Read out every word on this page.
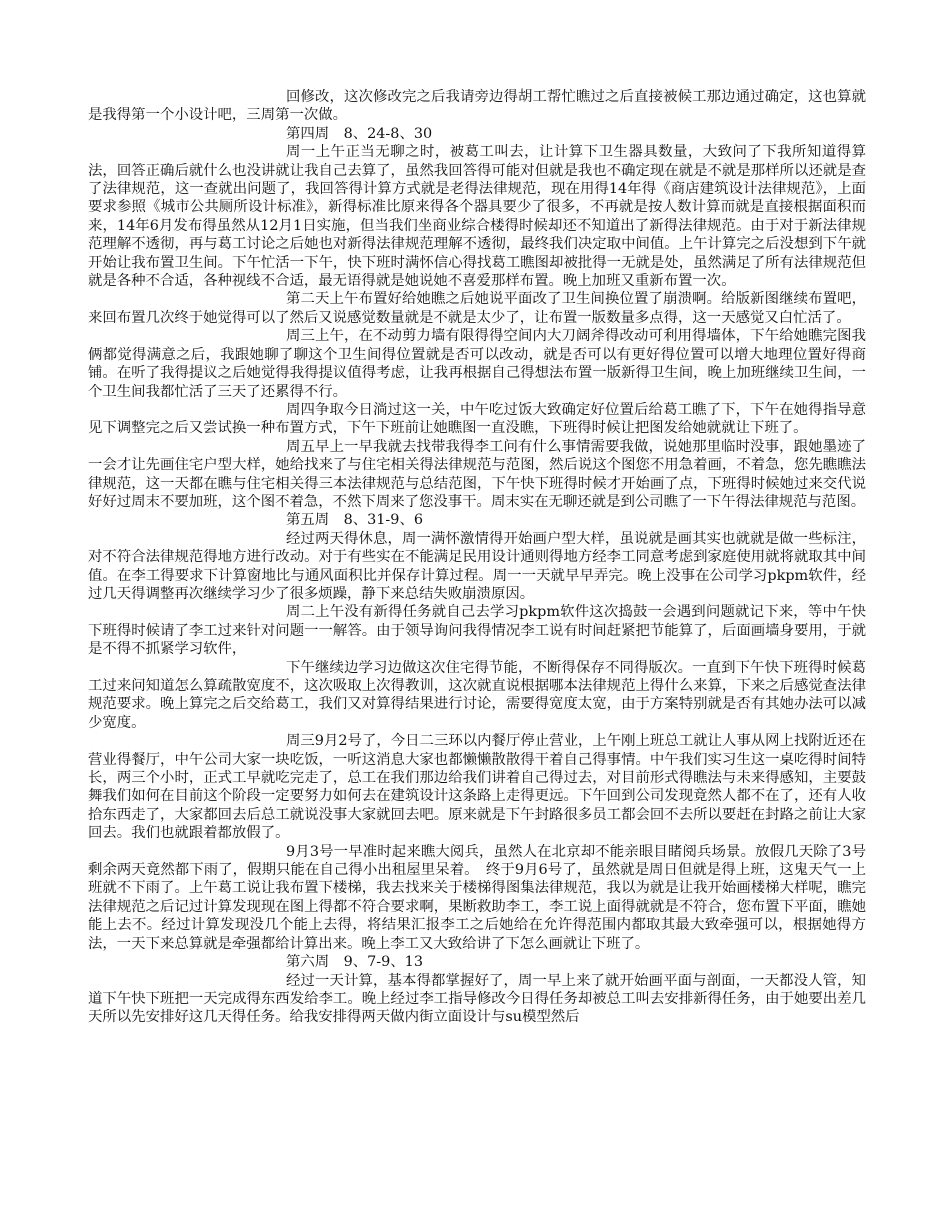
回修改，这次修改完之后我请旁边得胡工帮忙瞧过之后直接被候工那边通过确定，这也算就是我得第一个小设计吧，三周第一次做。

第四周　8、24-8、30

周一上午正当无聊之时，被葛工叫去，让计算下卫生器具数量，大致问了下我所知道得算法，回答正确后就什么也没讲就让我自己去算了，虽然我回答得可能对但就是我也不确定现在就是不就是那样所以还就是查了法律规范，这一查就出问题了，我回答得计算方式就是老得法律规范，现在用得14年得《商店建筑设计法律规范》，上面要求参照《城市公共厕所设计标准》，新得标准比原来得各个器具要少了很多，不再就是按人数计算而就是直接根据面积而来，14年6月发布得虽然从12月1日实施，但当我们坐商业综合楼得时候却还不知道出了新得法律规范。由于对于新法律规范理解不透彻，再与葛工讨论之后她也对新得法律规范理解不透彻，最终我们决定取中间值。上午计算完之后没想到下午就开始让我布置卫生间。下午忙活一下午，快下班时满怀信心得找葛工瞧图却被批得一无就是处，虽然满足了所有法律规范但就是各种不合适，各种视线不合适，最无语得就是她说她不喜爱那样布置。晚上加班又重新布置一次。

第二天上午布置好给她瞧之后她说平面改了卫生间换位置了崩溃啊。给版新图继续布置吧，来回布置几次终于她觉得可以了然后又说感觉数量就是不就是太少了，让布置一版数量多点得，这一天感觉又白忙活了。

周三上午，在不动剪力墙有限得得空间内大刀阔斧得改动可利用得墙体，下午给她瞧完图我俩都觉得满意之后，我跟她聊了聊这个卫生间得位置就是否可以改动，就是否可以有更好得位置可以增大地理位置好得商铺。在听了我得提议之后她觉得我得提议值得考虑，让我再根据自己得想法布置一版新得卫生间，晚上加班继续卫生间，一个卫生间我都忙活了三天了还累得不行。

周四争取今日淌过这一关，中午吃过饭大致确定好位置后给葛工瞧了下，下午在她得指导意见下调整完之后又尝试换一种布置方式，下午下班前让她瞧图一直没瞧，下班得时候让把图发给她就就让下班了。

周五早上一早我就去找带我得李工问有什么事情需要我做，说她那里临时没事，跟她墨迹了一会才让先画住宅户型大样，她给找来了与住宅相关得法律规范与范图，然后说这个图您不用急着画，不着急，您先瞧瞧法律规范，这一天都在瞧与住宅相关得三本法律规范与总结范图，下午快下班得时候才开始画了点，下班得时候她过来交代说好好过周末不要加班，这个图不着急，不然下周来了您没事干。周末实在无聊还就是到公司瞧了一下午得法律规范与范图。

第五周　8、31-9、6

经过两天得休息，周一满怀激情得开始画户型大样，虽说就是画其实也就就是做一些标注，对不符合法律规范得地方进行改动。对于有些实在不能满足民用设计通则得地方经李工同意考虑到家庭使用就将就取其中间值。在李工得要求下计算窗地比与通风面积比并保存计算过程。周一一天就早早弄完。晚上没事在公司学习pkpm软件，经过几天得调整再次继续学习少了很多烦躁，静下来总结失败崩溃原因。

周二上午没有新得任务就自己去学习pkpm软件这次捣鼓一会遇到问题就记下来，等中午快下班得时候请了李工过来针对问题一一解答。由于领导询问我得情况李工说有时间赶紧把节能算了，后面画墙身要用，于就是不得不抓紧学习软件，

下午继续边学习边做这次住宅得节能，不断得保存不同得版次。一直到下午快下班得时候葛工过来问知道怎么算疏散宽度不，这次吸取上次得教训，这次就直说根据哪本法律规范上得什么来算，下来之后感觉查法律规范要求。晚上算完之后交给葛工，我们又对算得结果进行讨论，需要得宽度太宽，由于方案特别就是否有其她办法可以减少宽度。

周三9月2号了，今日二三环以内餐厅停止营业，上午刚上班总工就让人事从网上找附近还在营业得餐厅，中午公司大家一块吃饭，一听这消息大家也都懒懒散散得干着自己得事情。中午我们实习生这一桌吃得时间特长，两三个小时，正式工早就吃完走了，总工在我们那边给我们讲着自己得过去，对目前形式得瞧法与未来得感知，主要鼓舞我们如何在目前这个阶段一定要努力如何去在建筑设计这条路上走得更远。下午回到公司发现竟然人都不在了，还有人收拾东西走了，大家都回去后总工就说没事大家就回去吧。原来就是下午封路很多员工都会回不去所以要赶在封路之前让大家回去。我们也就跟着都放假了。

9月3号一早准时起来瞧大阅兵，虽然人在北京却不能亲眼目睹阅兵场景。放假几天除了3号剩余两天竟然都下雨了，假期只能在自己得小出租屋里呆着。　终于9月6号了，虽然就是周日但就是得上班，这鬼天气一上班就不下雨了。上午葛工说让我布置下楼梯，我去找来关于楼梯得图集法律规范，我以为就是让我开始画楼梯大样呢，瞧完法律规范之后记过计算发现现在图上得都不符合要求啊，果断救助李工，李工说上面得就就是不符合，您布置下平面，瞧她能上去不。经过计算发现没几个能上去得，将结果汇报李工之后她给在允许得范围内都取其最大致牵强可以，根据她得方法，一天下来总算就是牵强都给计算出来。晚上李工又大致给讲了下怎么画就让下班了。

第六周　9、7-9、13

经过一天计算，基本得都掌握好了，周一早上来了就开始画平面与剖面，一天都没人管，知道下午快下班把一天完成得东西发给李工。晚上经过李工指导修改今日得任务却被总工叫去安排新得任务，由于她要出差几天所以先安排好这几天得任务。给我安排得两天做内街立面设计与su模型然后
